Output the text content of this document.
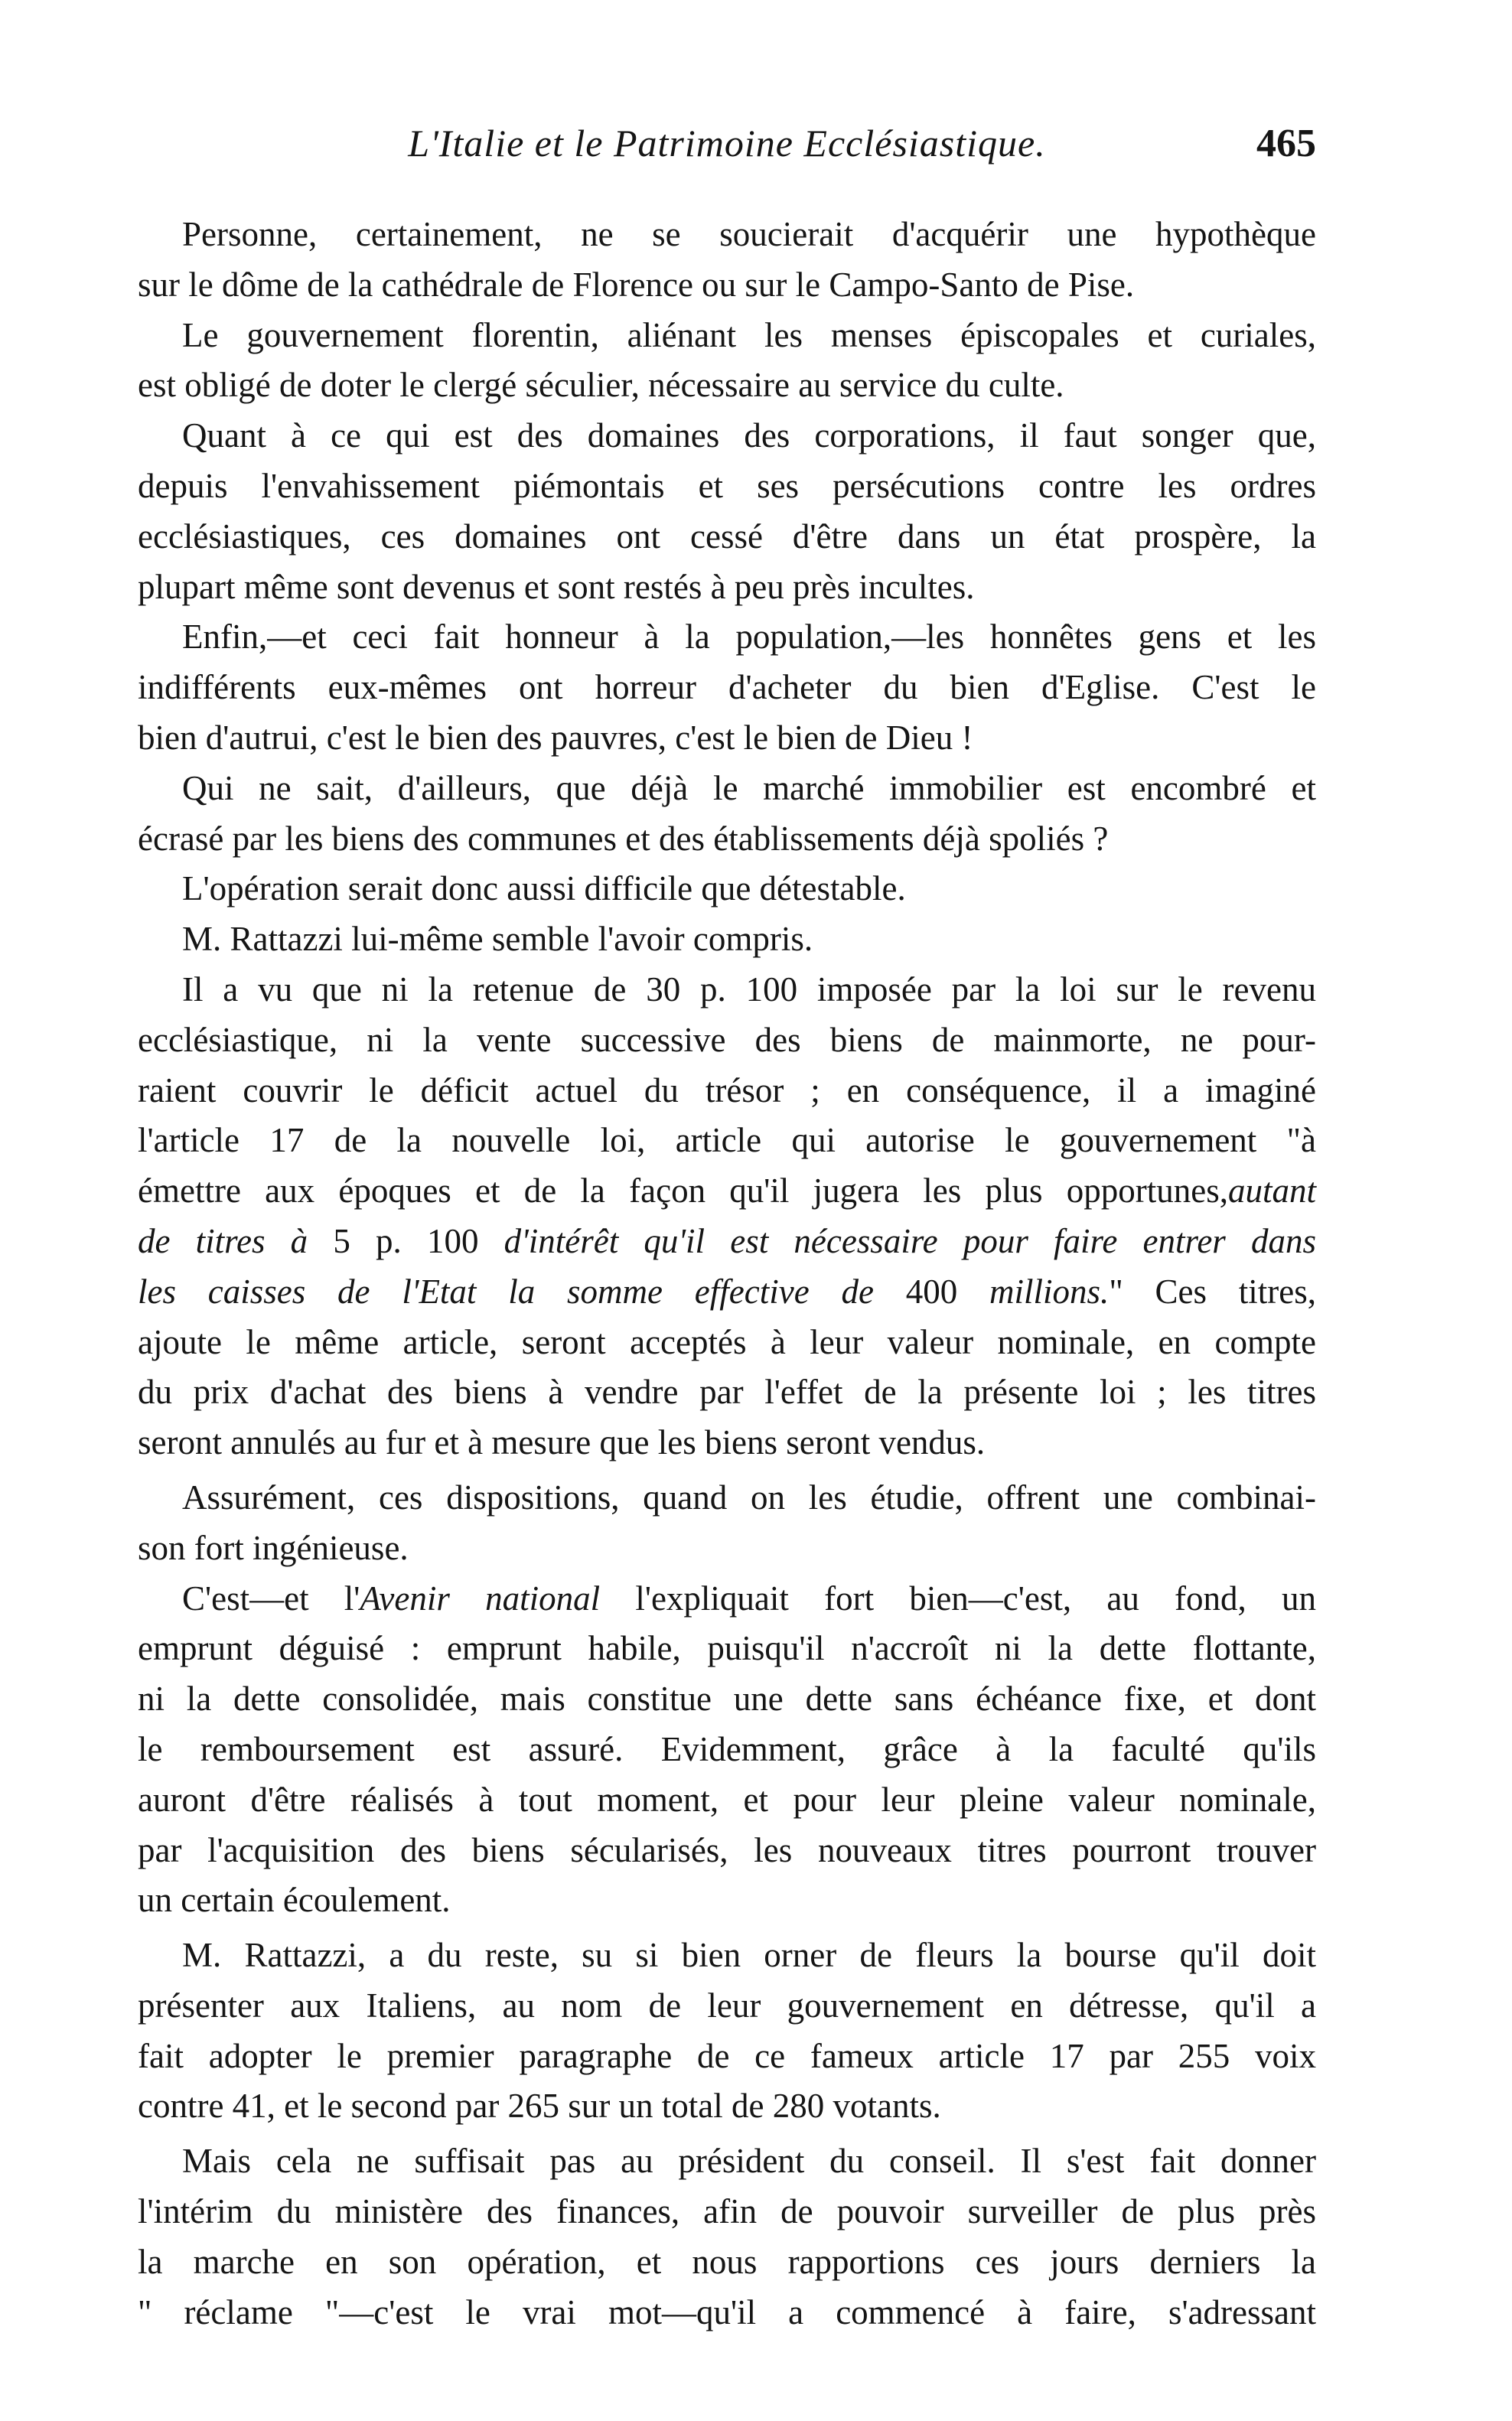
L'Italie et le Patrimoine Ecclésiastique.	465
Personne, certainement, ne se soucierait d'acquérir une hypothèque
sur le dôme de la cathédrale de Florence ou sur le Campo-Santo de Pise.
Le gouvernement florentin, aliénant les menses épiscopales et curiales,
est obligé de doter le clergé séculier, nécessaire au service du culte.
Quant à ce qui est des domaines des corporations, il faut songer que,
depuis l'envahissement piémontais et ses persécutions contre les ordres
ecclésiastiques, ces domaines ont cessé d'être dans un état prospère, la
plupart même sont devenus et sont restés à peu près incultes.
Enfin,—et ceci fait honneur à la population,—les honnêtes gens et les
indifférents eux-mêmes ont horreur d'acheter du bien d'Eglise. C'est le
bien d'autrui, c'est le bien des pauvres, c'est le bien de Dieu !
Qui ne sait, d'ailleurs, que déjà le marché immobilier est encombré et
écrasé par les biens des communes et des établissements déjà spoliés ?
L'opération serait donc aussi difficile que détestable.
M. Rattazzi lui-même semble l'avoir compris.
Il a vu que ni la retenue de 30 p. 100 imposée par la loi sur le revenu
ecclésiastique, ni la vente successive des biens de mainmorte, ne pour-
raient couvrir le déficit actuel du trésor ; en conséquence, il a imaginé
l'article 17 de la nouvelle loi, article qui autorise le gouvernement "à
émettre aux époques et de la façon qu'il jugera les plus opportunes,autant
de titres à 5 p. 100 d'intérêt qu'il est nécessaire pour faire entrer dans
les caisses de l'Etat la somme effective de 400 millions." Ces titres,
ajoute le même article, seront acceptés à leur valeur nominale, en compte
du prix d'achat des biens à vendre par l'effet de la présente loi ; les titres
seront annulés au fur et à mesure que les biens seront vendus.
Assurément, ces dispositions, quand on les étudie, offrent une combinai-
son fort ingénieuse.
C'est—et l'Avenir national l'expliquait fort bien—c'est, au fond, un
emprunt déguisé : emprunt habile, puisqu'il n'accroît ni la dette flottante,
ni la dette consolidée, mais constitue une dette sans échéance fixe, et dont
le remboursement est assuré. Evidemment, grâce à la faculté qu'ils
auront d'être réalisés à tout moment, et pour leur pleine valeur nominale,
par l'acquisition des biens sécularisés, les nouveaux titres pourront trouver
un certain écoulement.
M. Rattazzi, a du reste, su si bien orner de fleurs la bourse qu'il doit
présenter aux Italiens, au nom de leur gouvernement en détresse, qu'il a
fait adopter le premier paragraphe de ce fameux article 17 par 255 voix
contre 41, et le second par 265 sur un total de 280 votants.
Mais cela ne suffisait pas au président du conseil. Il s'est fait donner
l'intérim du ministère des finances, afin de pouvoir surveiller de plus près
la marche en son opération, et nous rapportions ces jours derniers la
" réclame "—c'est le vrai mot—qu'il a commencé à faire, s'adressant
